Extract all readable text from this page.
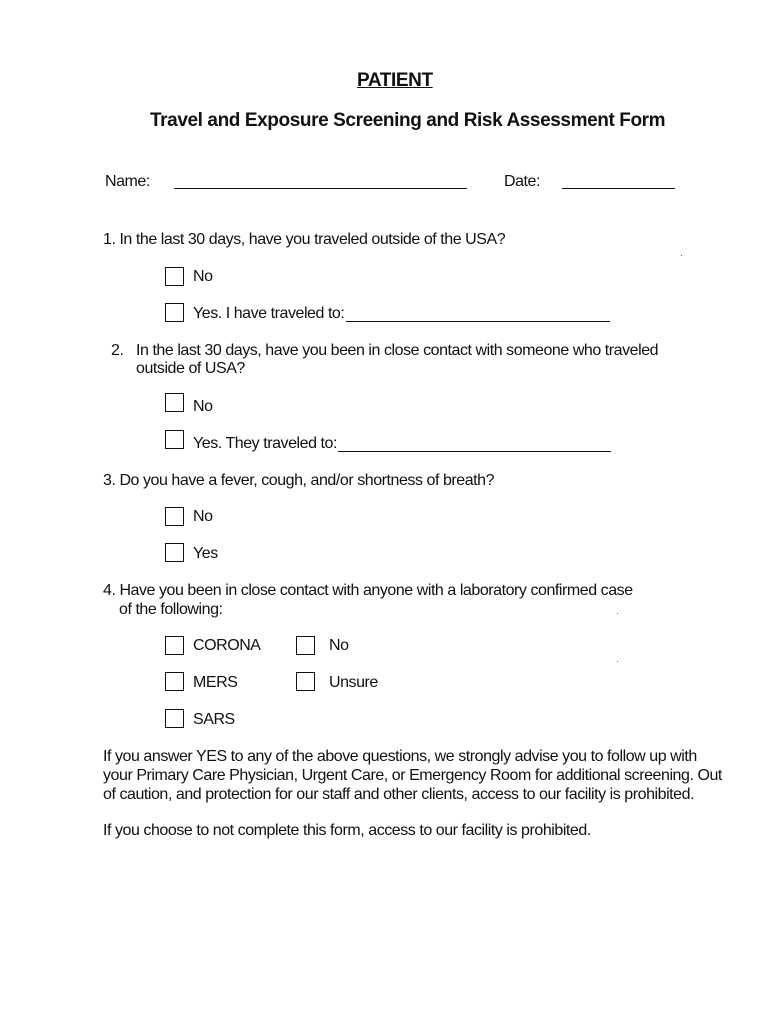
PATIENT
Travel and Exposure Screening and Risk Assessment Form
Name:	Date:
1. In the last 30 days, have you traveled outside of the USA?
No
Yes. I have traveled to:
2. In the last 30 days, have you been in close contact with someone who traveled
outside of USA?
No
Yes. They traveled to:
3. Do you have a fever, cough, and/or shortness of breath?
No
Yes
4. Have you been in close contact with anyone with a laboratory confirmed case
of the following:
CORONA	No
MERS	Unsure
SARS
If you answer YES to any of the above questions, we strongly advise you to follow up with
your Primary Care Physician, Urgent Care, or Emergency Room for additional screening. Out
of caution, and protection for our staff and other clients, access to our facility is prohibited.
If you choose to not complete this form, access to our facility is prohibited.
